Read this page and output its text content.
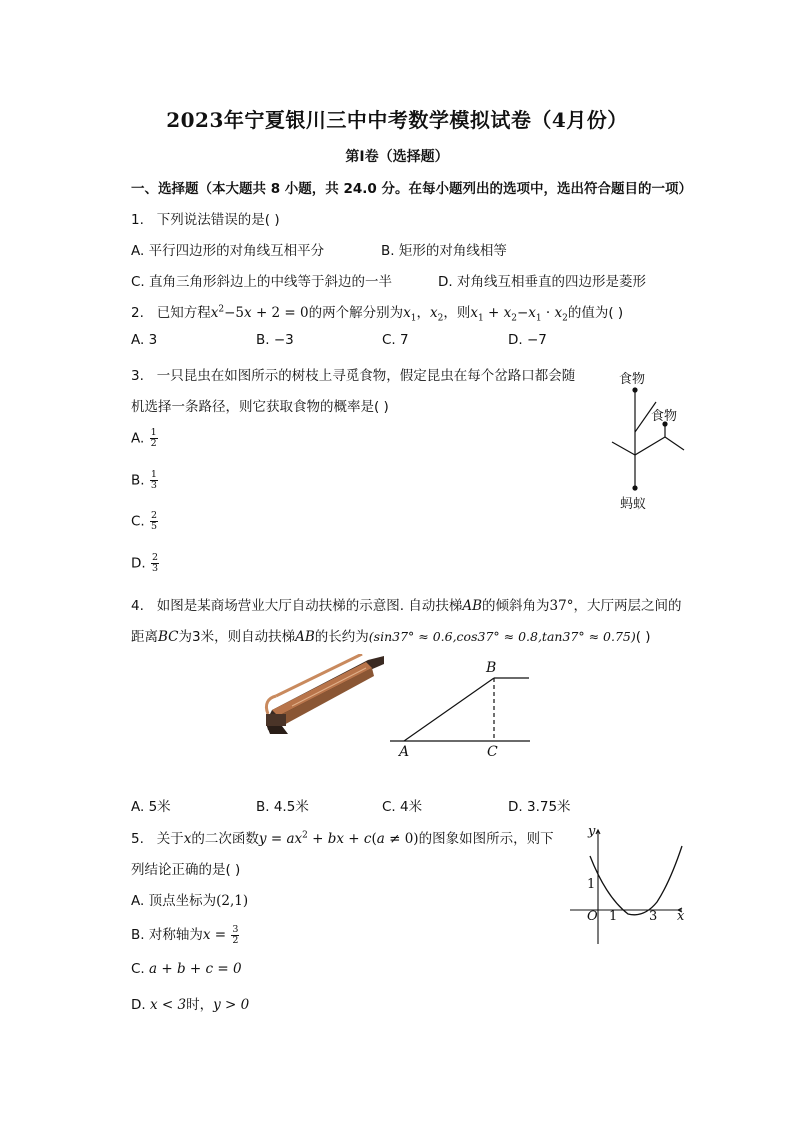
2023年宁夏银川三中中考数学模拟试卷（4月份）
第Ⅰ卷（选择题）
一、选择题（本大题共 8 小题，共 24.0 分。在每小题列出的选项中，选出符合题目的一项）
1. 下列说法错误的是( )
A. 平行四边形的对角线互相平分	B. 矩形的对角线相等
C. 直角三角形斜边上的中线等于斜边的一半	D. 对角线互相垂直的四边形是菱形
2. 已知方程$x^2-5x + 2 = 0$的两个解分别为$x_1$，$x_2$，则$x_1 + x_2-x_1 \cdot x_2$的值为( )
A. 3	B. −3	C. 7	D. −7
3. 一只昆虫在如图所示的树枝上寻觅食物，假定昆虫在每个岔路口都会随
机选择一条路径，则它获取食物的概率是( )
A. $\frac{1}{2}$
B. $\frac{1}{3}$
C. $\frac{2}{5}$
D. $\frac{2}{3}$
食物
食物
蚂蚁
4. 如图是某商场营业大厅自动扶梯的示意图. 自动扶梯AB的倾斜角为37°，大厅两层之间的
距离BC为3米，则自动扶梯AB的长约为(sin37° ≈ 0.6,cos37° ≈ 0.8,tan37° ≈ 0.75)( )
A
B
C
A. 5米	B. 4.5米	C. 4米	D. 3.75米
5. 关于x的二次函数$y = ax^2$ + bx + c(a ≠ 0)的图象如图所示，则下
列结论正确的是( )
A. 顶点坐标为(2,1)
B. 对称轴为$x = \frac{3}{2}$
C. a + b + c = 0
D. x < 3时，y > 0
y
x
O
1
1 3
